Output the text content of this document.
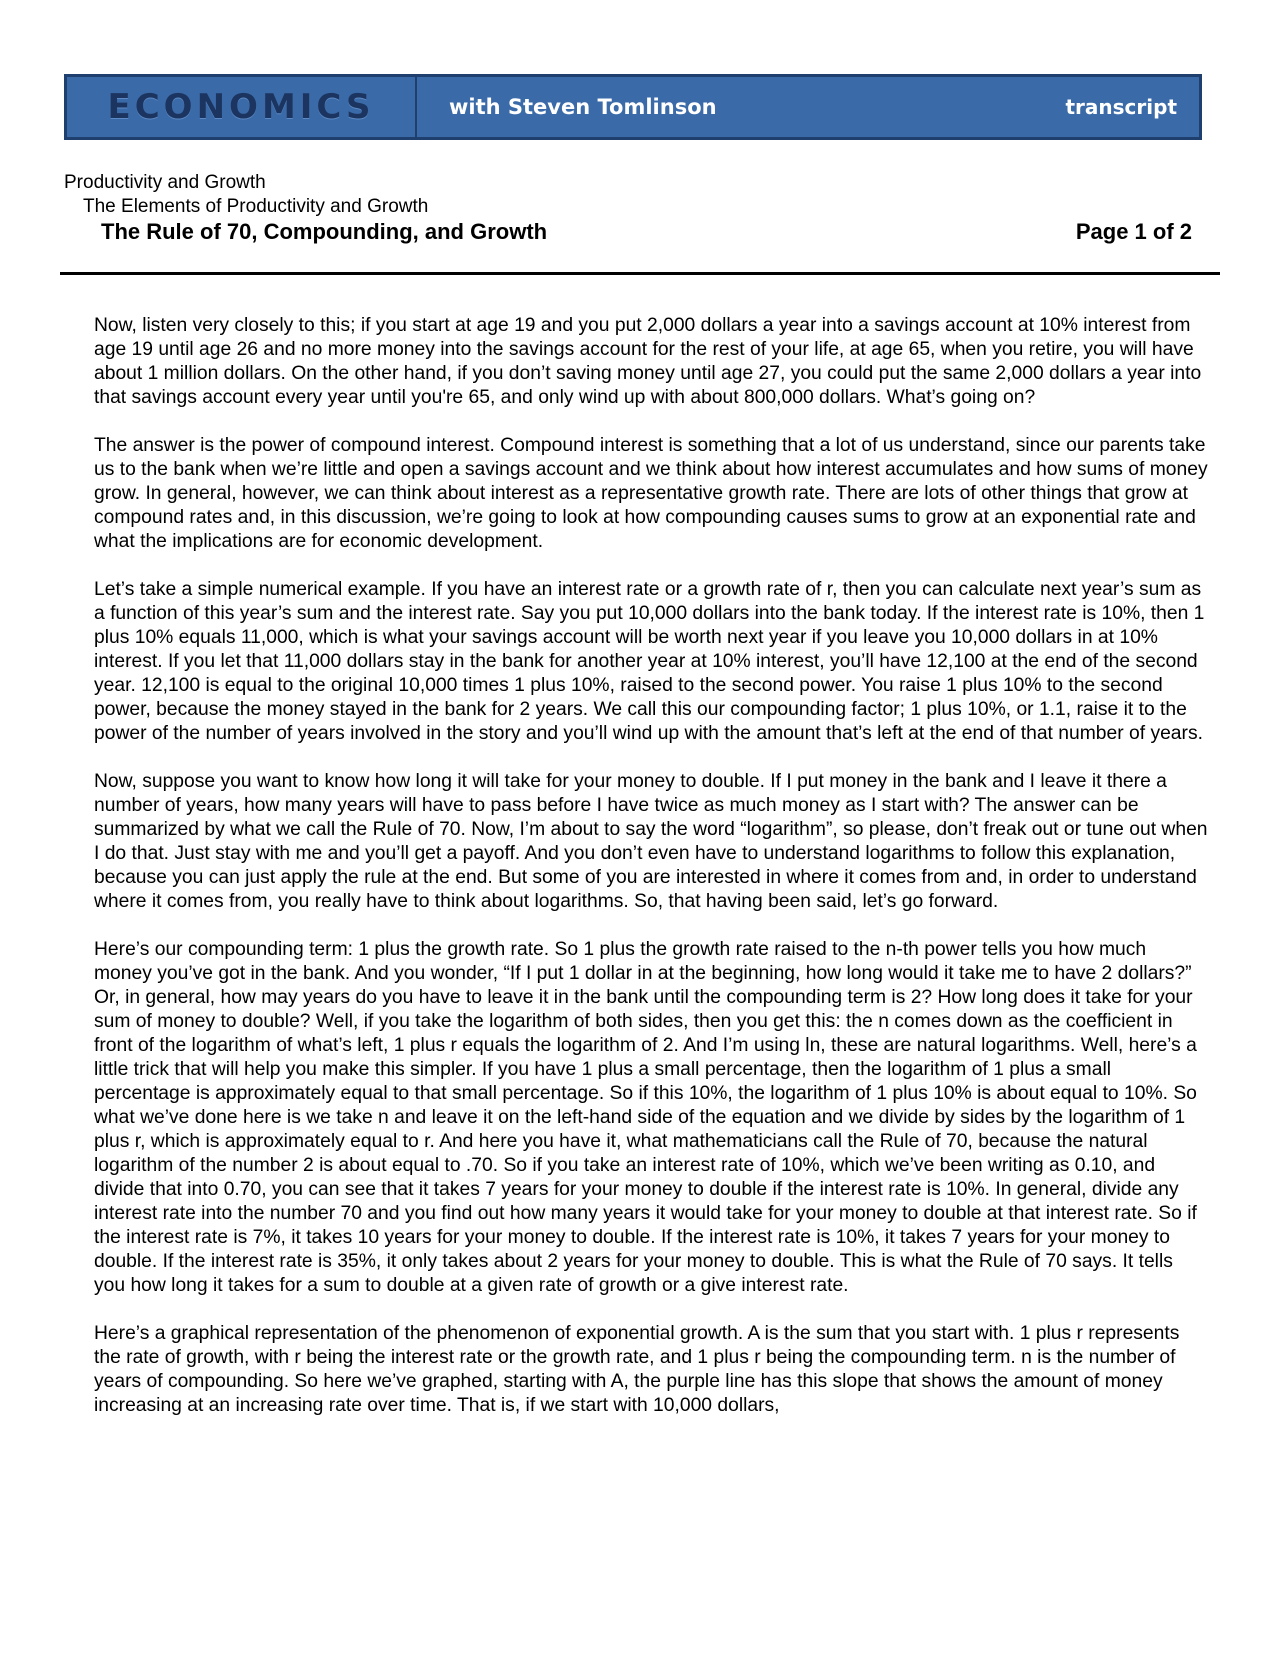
ECONOMICS	with Steven Tomlinson	transcript
Productivity and Growth
The Elements of Productivity and Growth
The Rule of 70, Compounding, and Growth	Page 1 of 2

Now, listen very closely to this; if you start at age 19 and you put 2,000 dollars a year into a savings account at 10% interest from age 19 until age 26 and no more money into the savings account for the rest of your life, at age 65, when you retire, you will have about 1 million dollars. On the other hand, if you don’t saving money until age 27, you could put the same 2,000 dollars a year into that savings account every year until you're 65, and only wind up with about 800,000 dollars. What’s going on?

The answer is the power of compound interest. Compound interest is something that a lot of us understand, since our parents take us to the bank when we’re little and open a savings account and we think about how interest accumulates and how sums of money grow. In general, however, we can think about interest as a representative growth rate. There are lots of other things that grow at compound rates and, in this discussion, we’re going to look at how compounding causes sums to grow at an exponential rate and what the implications are for economic development.

Let’s take a simple numerical example. If you have an interest rate or a growth rate of r, then you can calculate next year’s sum as a function of this year’s sum and the interest rate. Say you put 10,000 dollars into the bank today. If the interest rate is 10%, then 1 plus 10% equals 11,000, which is what your savings account will be worth next year if you leave you 10,000 dollars in at 10% interest. If you let that 11,000 dollars stay in the bank for another year at 10% interest, you’ll have 12,100 at the end of the second year. 12,100 is equal to the original 10,000 times 1 plus 10%, raised to the second power. You raise 1 plus 10% to the second power, because the money stayed in the bank for 2 years. We call this our compounding factor; 1 plus 10%, or 1.1, raise it to the power of the number of years involved in the story and you’ll wind up with the amount that’s left at the end of that number of years.

Now, suppose you want to know how long it will take for your money to double. If I put money in the bank and I leave it there a number of years, how many years will have to pass before I have twice as much money as I start with? The answer can be summarized by what we call the Rule of 70. Now, I’m about to say the word “logarithm”, so please, don’t freak out or tune out when I do that. Just stay with me and you’ll get a payoff. And you don’t even have to understand logarithms to follow this explanation, because you can just apply the rule at the end. But some of you are interested in where it comes from and, in order to understand where it comes from, you really have to think about logarithms. So, that having been said, let’s go forward.

Here’s our compounding term: 1 plus the growth rate. So 1 plus the growth rate raised to the n-th power tells you how much money you’ve got in the bank. And you wonder, “If I put 1 dollar in at the beginning, how long would it take me to have 2 dollars?” Or, in general, how may years do you have to leave it in the bank until the compounding term is 2? How long does it take for your sum of money to double? Well, if you take the logarithm of both sides, then you get this: the n comes down as the coefficient in front of the logarithm of what’s left, 1 plus r equals the logarithm of 2. And I’m using ln, these are natural logarithms. Well, here’s a little trick that will help you make this simpler. If you have 1 plus a small percentage, then the logarithm of 1 plus a small percentage is approximately equal to that small percentage. So if this 10%, the logarithm of 1 plus 10% is about equal to 10%. So what we’ve done here is we take n and leave it on the left-hand side of the equation and we divide by sides by the logarithm of 1 plus r, which is approximately equal to r. And here you have it, what mathematicians call the Rule of 70, because the natural logarithm of the number 2 is about equal to .70. So if you take an interest rate of 10%, which we’ve been writing as 0.10, and divide that into 0.70, you can see that it takes 7 years for your money to double if the interest rate is 10%. In general, divide any interest rate into the number 70 and you find out how many years it would take for your money to double at that interest rate. So if the interest rate is 7%, it takes 10 years for your money to double. If the interest rate is 10%, it takes 7 years for your money to double. If the interest rate is 35%, it only takes about 2 years for your money to double. This is what the Rule of 70 says. It tells you how long it takes for a sum to double at a given rate of growth or a give interest rate.

Here’s a graphical representation of the phenomenon of exponential growth. A is the sum that you start with. 1 plus r represents the rate of growth, with r being the interest rate or the growth rate, and 1 plus r being the compounding term. n is the number of years of compounding. So here we’ve graphed, starting with A, the purple line has this slope that shows the amount of money increasing at an increasing rate over time. That is, if we start with 10,000 dollars,
